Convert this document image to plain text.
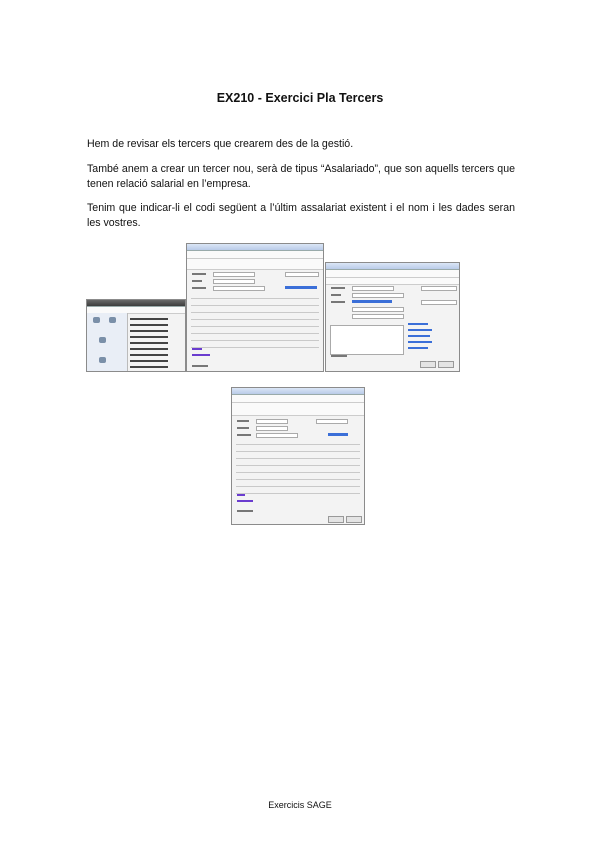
EX210 - Exercici Pla Tercers

Hem de revisar els tercers que crearem des de la gestió.

També anem a crear un tercer nou, serà de tipus “Asalariado”, que son aquells tercers que tenen relació salarial en l’empresa.

Tenim que indicar-li el codi següent a l’últim assalariat existent i el nom i les dades seran les vostres.

Exercicis SAGE
